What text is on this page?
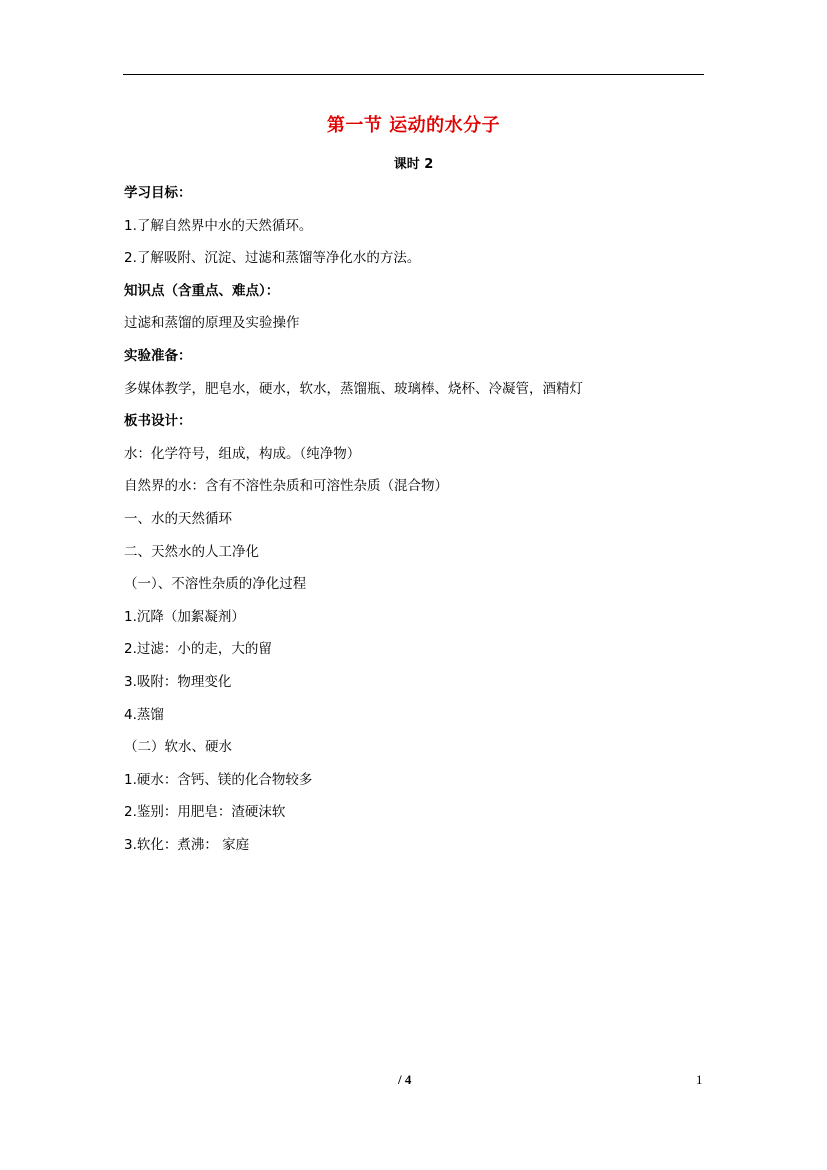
第一节 运动的水分子
课时 2
学习目标：
1.了解自然界中水的天然循环。
2.了解吸附、沉淀、过滤和蒸馏等净化水的方法。
知识点（含重点、难点）：
过滤和蒸馏的原理及实验操作
实验准备：
多媒体教学，肥皂水，硬水，软水，蒸馏瓶、玻璃棒、烧杯、冷凝管，酒精灯
板书设计：
水：化学符号，组成，构成。（纯净物）
自然界的水：含有不溶性杂质和可溶性杂质（混合物）
一、水的天然循环
二、天然水的人工净化
（一）、不溶性杂质的净化过程
1.沉降（加絮凝剂）
2.过滤：小的走，大的留
3.吸附：物理变化
4.蒸馏
（二）软水、硬水
1.硬水：含钙、镁的化合物较多
2.鉴别：用肥皂：渣硬沫软
3.软化：煮沸： 家庭
/ 4	1
